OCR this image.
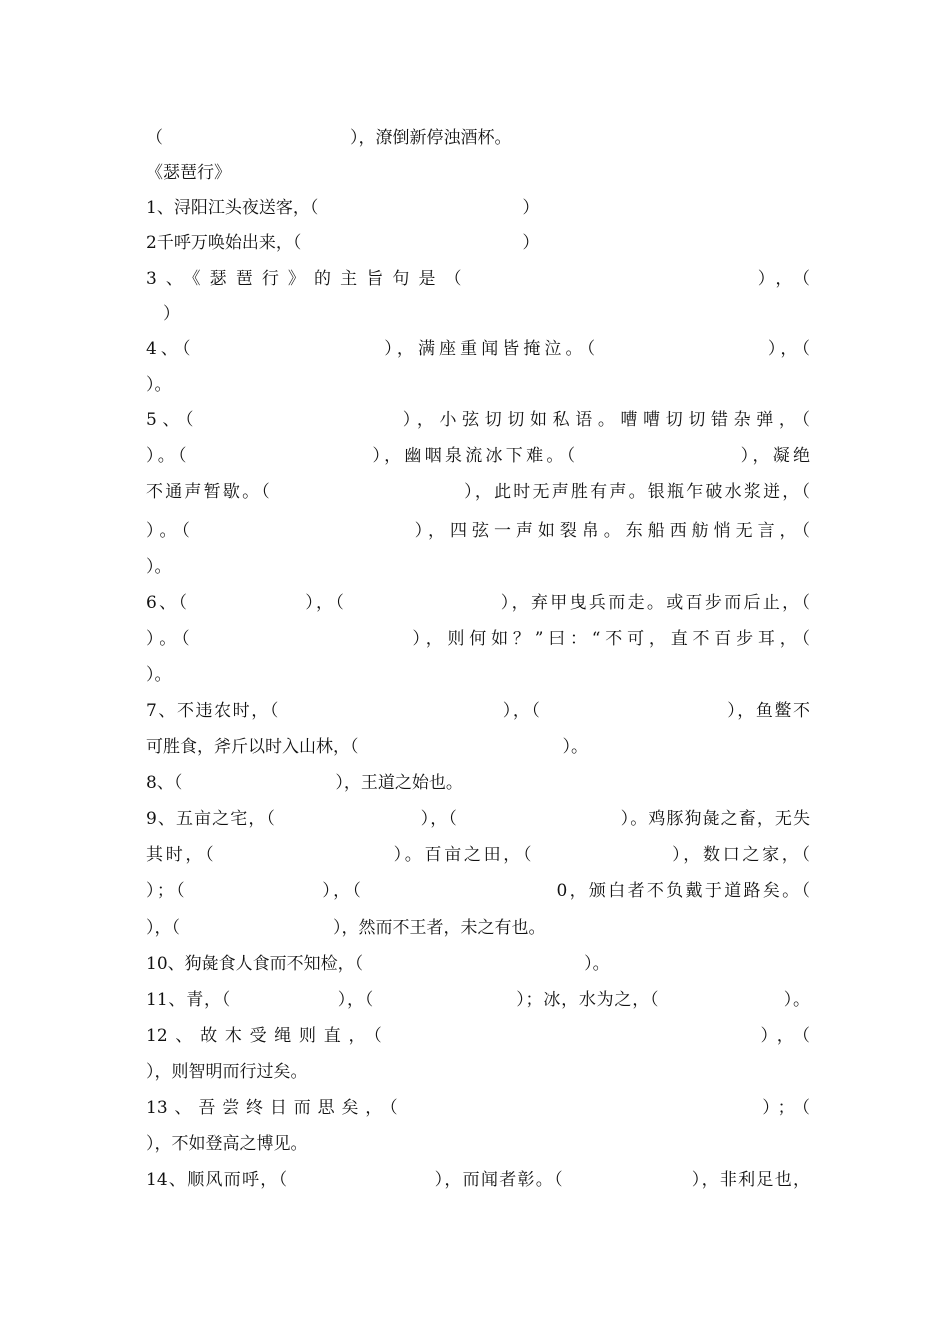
（　　　　　　　　　　　），潦倒新停浊酒杯。
《瑟琶行》
1、浔阳江头夜送客，（　　　　　　　　　　　　）
2千呼万唤始出来，（　　　　　　　　　　　　　）
3、《瑟琶行》的主旨句是（　　　　　　　　　　　），（
　）
4、（　　　　　　　　　），满座重闻皆掩泣。（　　　　　　　　），（
）。
5、（　　　　　　　　　），小弦切切如私语。嘈嘈切切错杂弹，（
）。（　　　　　　　　　），幽咽泉流冰下难。（　　　　　　　　），凝绝
不通声暂歇。（　　　　　　　　　　），此时无声胜有声。银瓶乍破水浆迸，（
）。（　　　　　　　　　　），四弦一声如裂帛。东船西舫悄无言，（
）。
6、（　　　　　　），（　　　　　　　　），弃甲曳兵而走。或百步而后止，（
）。（　　　　　　　　　　），则何如？”曰：“不可，直不百步耳，（
）。
7、不违农时，（　　　　　　　　　　　　），（　　　　　　　　　　），鱼鳖不
可胜食，斧斤以时入山林，（　　　　　　　　　　　　）。
8、（　　　　　　　　　），王道之始也。
9、五亩之宅，（　　　　　　　　），（　　　　　　　　　）。鸡豚狗彘之畜，无失
其时，（　　　　　　　　　）。百亩之田，（　　　　　　　），数口之家，（
）；（　　　　　　　），（　　　　　　　　　　0，颁白者不负戴于道路矣。（
），（　　　　　　　　　），然而不王者，未之有也。
10、狗彘食人食而不知检，（　　　　　　　　　　　　　）。
11、青，（　　　　　　），（　　　　　　　　）；冰，水为之，（　　　　　　　）。
12、故木受绳则直，（　　　　　　　　　　　　　　　），（
），则智明而行过矣。
13、吾尝终日而思矣，（　　　　　　　　　　　　　　　）；（
），不如登高之博见。
14、顺风而呼，（　　　　　　　　），而闻者彰。（　　　　　　　），非利足也，
